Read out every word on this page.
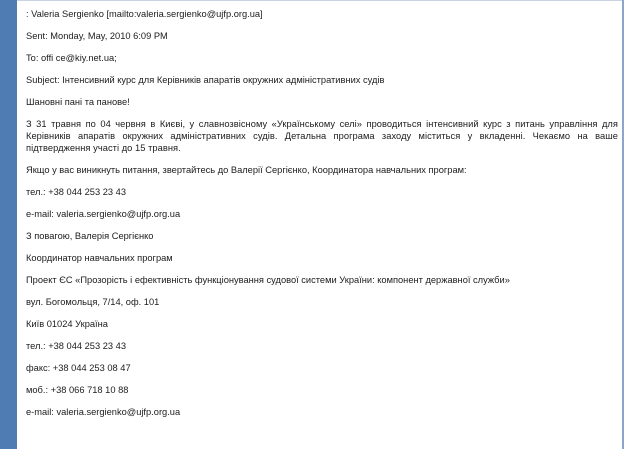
: Valeria Sergienko [mailto:valeria.sergienko@ujfp.org.ua]
Sent: Monday, May, 2010 6:09 PM
To: offi ce@kiy.net.ua;
Subject: Інтенсивний курс для Керівників апаратів окружних адміністративних судів
Шановні пані та панове!
З 31 травня по 04 червня в Києві, у славнозвісному «Українському селі» проводиться інтенсивний курс з питань управління для Керівників апаратів окружних адміністративних судів. Детальна програма заходу міститься у вкладенні. Чекаємо на ваше підтвердження участі до 15 травня.
Якщо у вас виникнуть питання, звертайтесь до Валерії Сергієнко, Координатора навчальних програм:
тел.: +38 044 253 23 43
e-mail: valeria.sergienko@ujfp.org.ua
З повагою, Валерія Сергієнко
Координатор навчальних програм
Проект ЄС «Прозорість і ефективність функціонування судової системи України: компонент державної служби»
вул. Богомольця, 7/14, оф. 101
Київ 01024 Україна
тел.: +38 044 253 23 43
факс: +38 044 253 08 47
моб.: +38 066 718 10 88
e-mail: valeria.sergienko@ujfp.org.ua
